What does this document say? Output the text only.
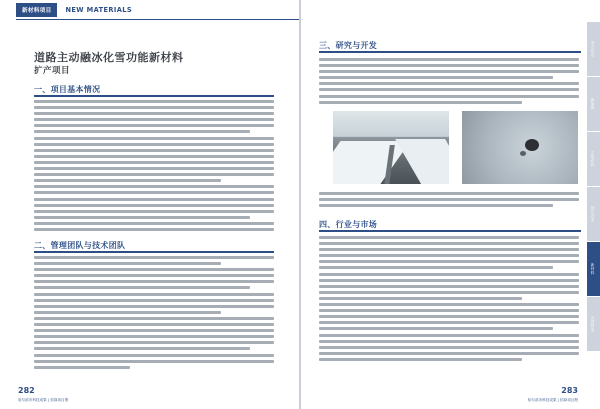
新材料项目	NEW MATERIALS
道路主动融冰化雪功能新材料
扩产项目
一、项目基本情况
二、管理团队与技术团队
282
哈尔滨市科技成果 | 招商项目册
三、研究与开发
四、行业与市场
283
哈尔滨市科技成果 | 招商项目册
电子信息
新能源
生物医药
现代农业
新材料
先进制造
